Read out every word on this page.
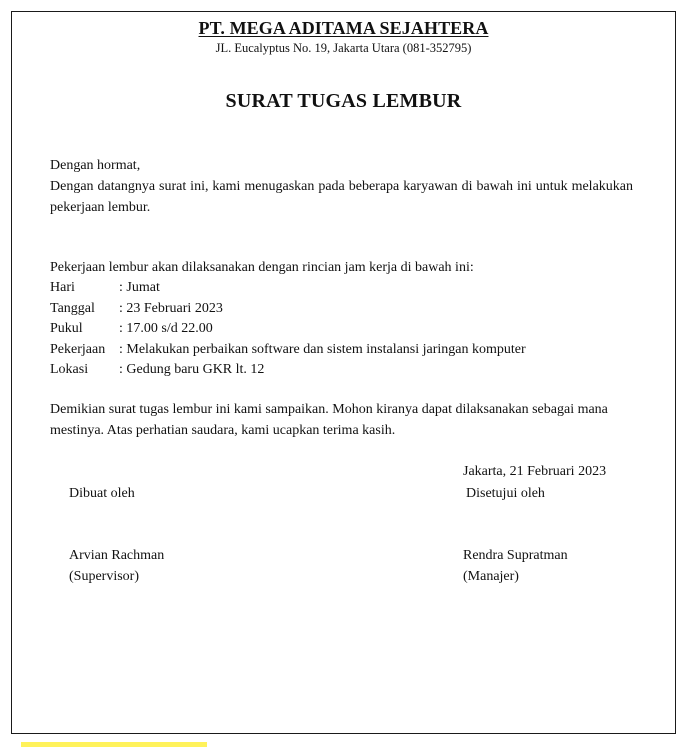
PT. MEGA ADITAMA SEJAHTERA
JL. Eucalyptus No. 19, Jakarta Utara (081-352795)
SURAT TUGAS LEMBUR
Dengan hormat,
Dengan datangnya surat ini, kami menugaskan pada beberapa karyawan di bawah ini untuk melakukan pekerjaan lembur.
Pekerjaan lembur akan dilaksanakan dengan rincian jam kerja di bawah ini:
Hari	: Jumat
Tanggal	: 23 Februari 2023
Pukul	: 17.00 s/d 22.00
Pekerjaan : Melakukan perbaikan software dan sistem instalansi jaringan komputer
Lokasi	: Gedung baru GKR lt. 12
Demikian surat tugas lembur ini kami sampaikan. Mohon kiranya dapat dilaksanakan sebagai mana mestinya. Atas perhatian saudara, kami ucapkan terima kasih.
Jakarta, 21 Februari 2023
Dibuat oleh	Disetujui oleh
Arvian Rachman
(Supervisor)
Rendra Supratman
(Manajer)
